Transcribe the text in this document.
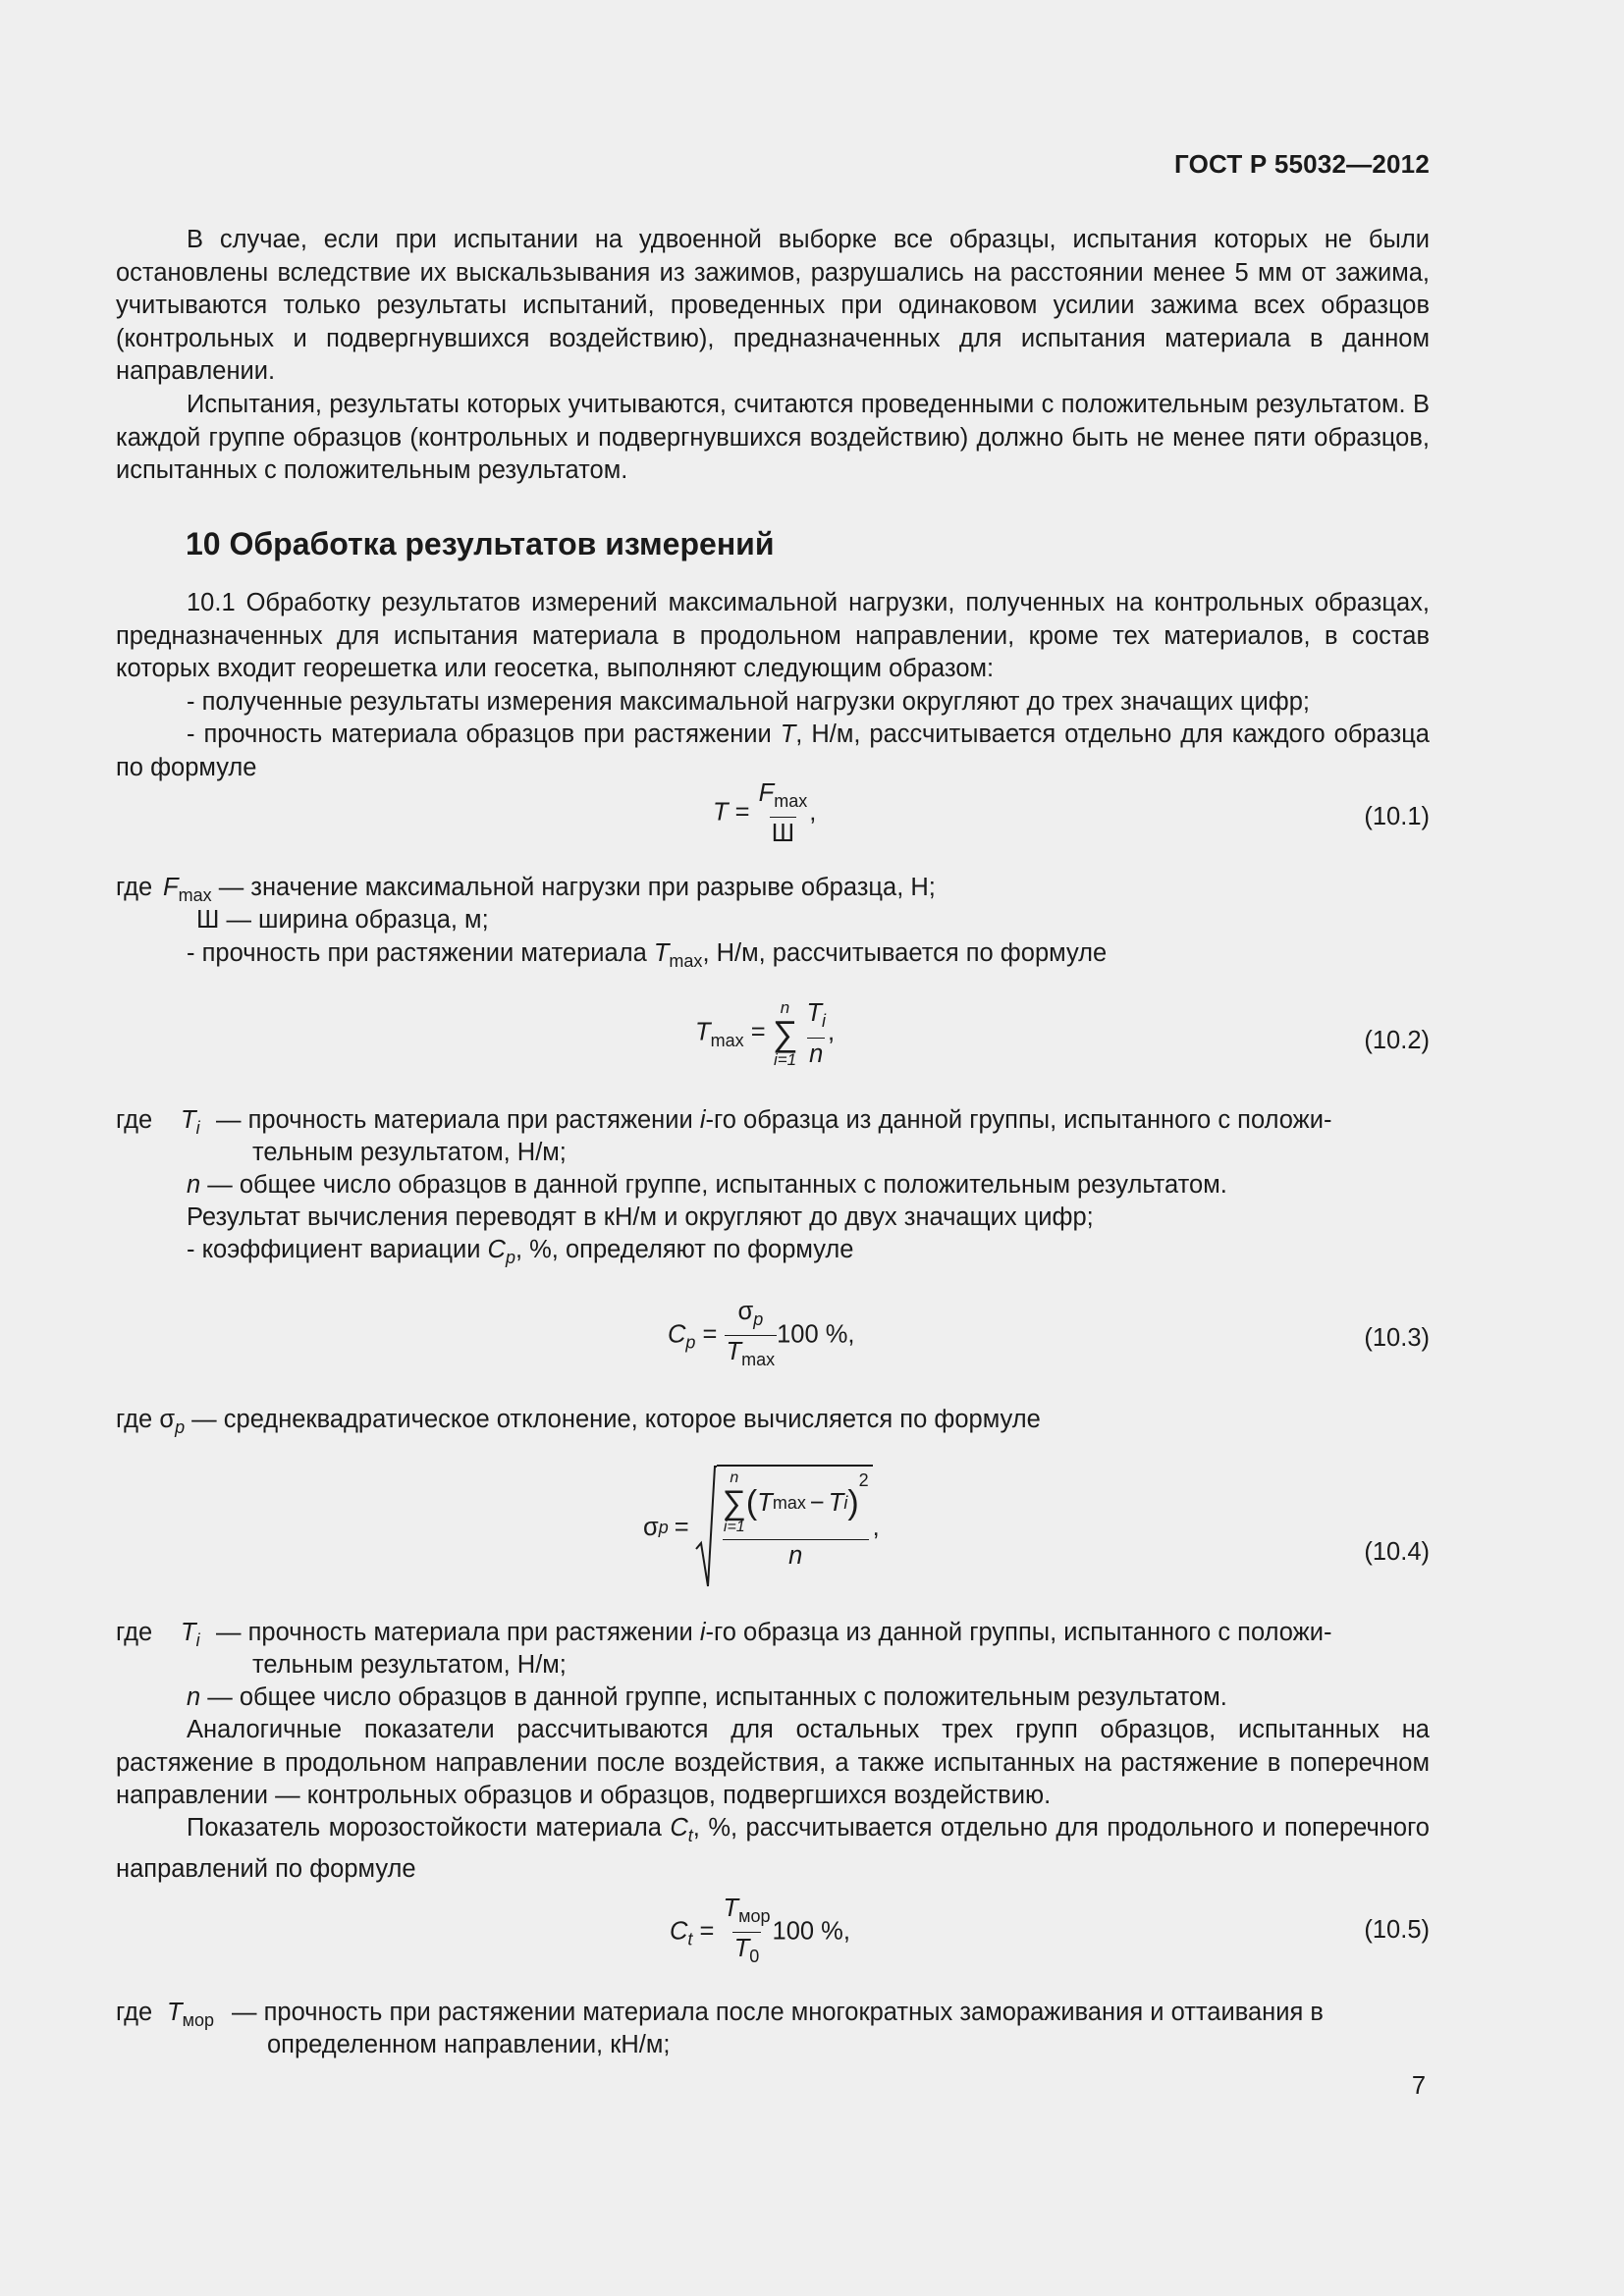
ГОСТ Р 55032—2012

В случае, если при испытании на удвоенной выборке все образцы, испытания которых не были остановлены вследствие их выскальзывания из зажимов, разрушались на расстоянии менее 5 мм от зажима, учитываются только результаты испытаний, проведенных при одинаковом усилии зажима всех образцов (контрольных и подвергнувшихся воздействию), предназначенных для испытания материала в данном направлении.

Испытания, результаты которых учитываются, считаются проведенными с положительным результатом. В каждой группе образцов (контрольных и подвергнувшихся воздействию) должно быть не менее пяти образцов, испытанных с положительным результатом.

10 Обработка результатов измерений

10.1 Обработку результатов измерений максимальной нагрузки, полученных на контрольных образцах, предназначенных для испытания материала в продольном направлении, кроме тех материалов, в состав которых входит георешетка или геосетка, выполняют следующим образом:

- полученные результаты измерения максимальной нагрузки округляют до трех значащих цифр;

- прочность материала образцов при растяжении T, Н/м, рассчитывается отдельно для каждого образца по формуле

$T = \frac{F_{max}}{Ш}$ ,	(10.1)
где $F_{max}$ — значение максимальной нагрузки при разрыве образца, Н;
Ш — ширина образца, м;

- прочность при растяжении материала $T_{max}$, Н/м, рассчитывается по формуле

$T_{max}$ =
n
∑
i=1
$\frac{T_i}{n}$ ,	(10.2)
где $T_i$ — прочность материала при растяжении i-го образца из данной группы, испытанного с положи-
тельным результатом, Н/м;
n — общее число образцов в данной группе, испытанных с положительным результатом.

Результат вычисления переводят в кН/м и округляют до двух значащих цифр;

- коэффициент вариации $C_p$, %, определяют по формуле

$C_p = \frac{\sigma_p}{T_{max}} 100$ %,	(10.3)
где $\sigma_p$ — среднеквадратическое отклонение, которое вычисляется по формуле
σ p =
n
∑
i=1
( T max − T i )
$^2$
n
,
(10.4)
где $T_i$ — прочность материала при растяжении i-го образца из данной группы, испытанного с положи-
тельным результатом, Н/м;
n — общее число образцов в данной группе, испытанных с положительным результатом.

Аналогичные показатели рассчитываются для остальных трех групп образцов, испытанных на растяжение в продольном направлении после воздействия, а также испытанных на растяжение в поперечном направлении — контрольных образцов и образцов, подвергшихся воздействию.

Показатель морозостойкости материала $C_t$, %, рассчитывается отдельно для продольного и поперечного направлений по формуле

$C_t = \frac{T_{мор}}{T_0} 100$ %,	(10.5)
где $T_{мор}$ — прочность при растяжении материала после многократных замораживания и оттаивания в
определенном направлении, кН/м;
7
